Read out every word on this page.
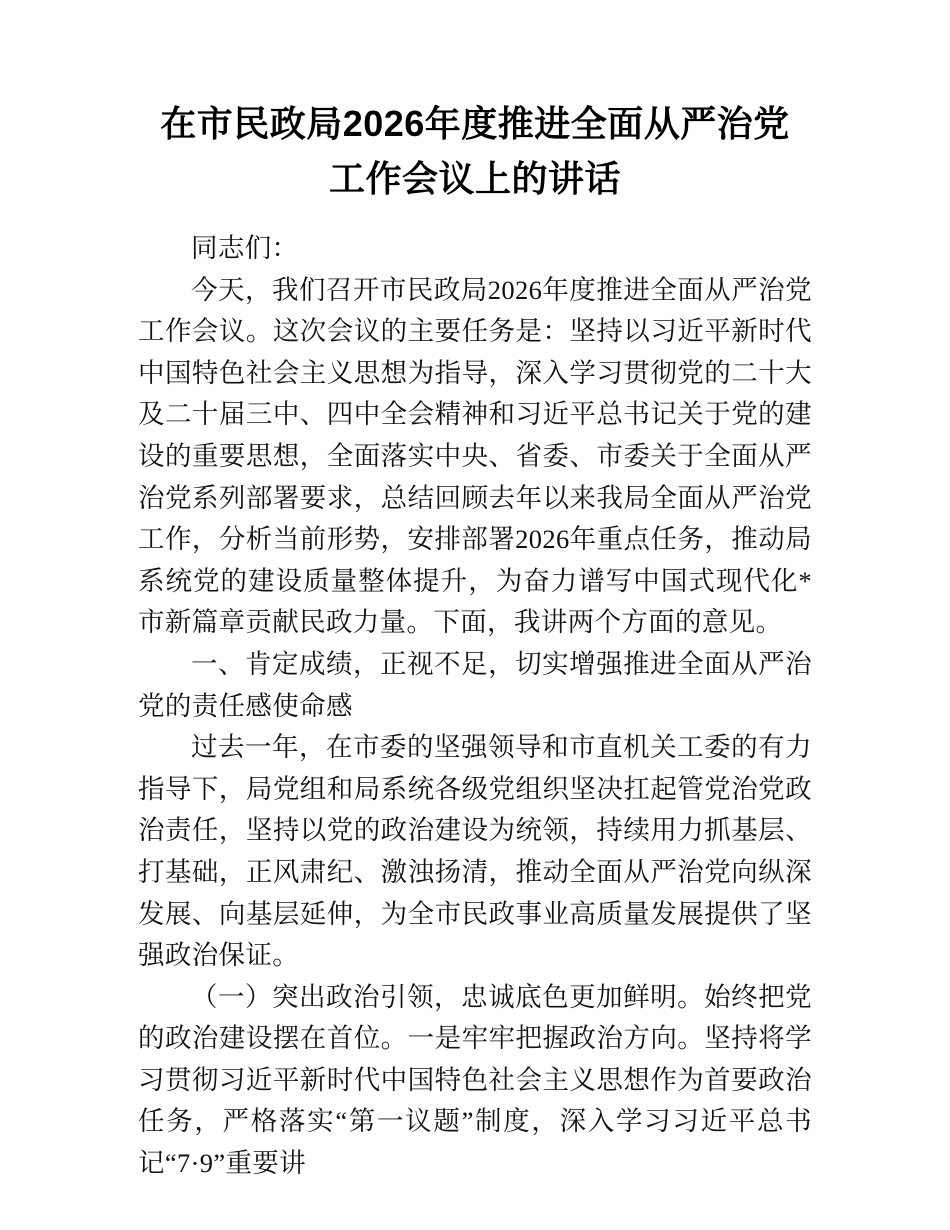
在市民政局2026年度推进全面从严治党工作会议上的讲话

同志们：

今天，我们召开市民政局2026年度推进全面从严治党工作会议。这次会议的主要任务是：坚持以习近平新时代中国特色社会主义思想为指导，深入学习贯彻党的二十大及二十届三中、四中全会精神和习近平总书记关于党的建设的重要思想，全面落实中央、省委、市委关于全面从严治党系列部署要求，总结回顾去年以来我局全面从严治党工作，分析当前形势，安排部署2026年重点任务，推动局系统党的建设质量整体提升，为奋力谱写中国式现代化*市新篇章贡献民政力量。下面，我讲两个方面的意见。

一、肯定成绩，正视不足，切实增强推进全面从严治党的责任感使命感

过去一年，在市委的坚强领导和市直机关工委的有力指导下，局党组和局系统各级党组织坚决扛起管党治党政治责任，坚持以党的政治建设为统领，持续用力抓基层、打基础，正风肃纪、激浊扬清，推动全面从严治党向纵深发展、向基层延伸，为全市民政事业高质量发展提供了坚强政治保证。

（一）突出政治引领，忠诚底色更加鲜明。始终把党的政治建设摆在首位。一是牢牢把握政治方向。坚持将学习贯彻习近平新时代中国特色社会主义思想作为首要政治任务，严格落实“第一议题”制度，深入学习习近平总书记“7·9”重要讲
